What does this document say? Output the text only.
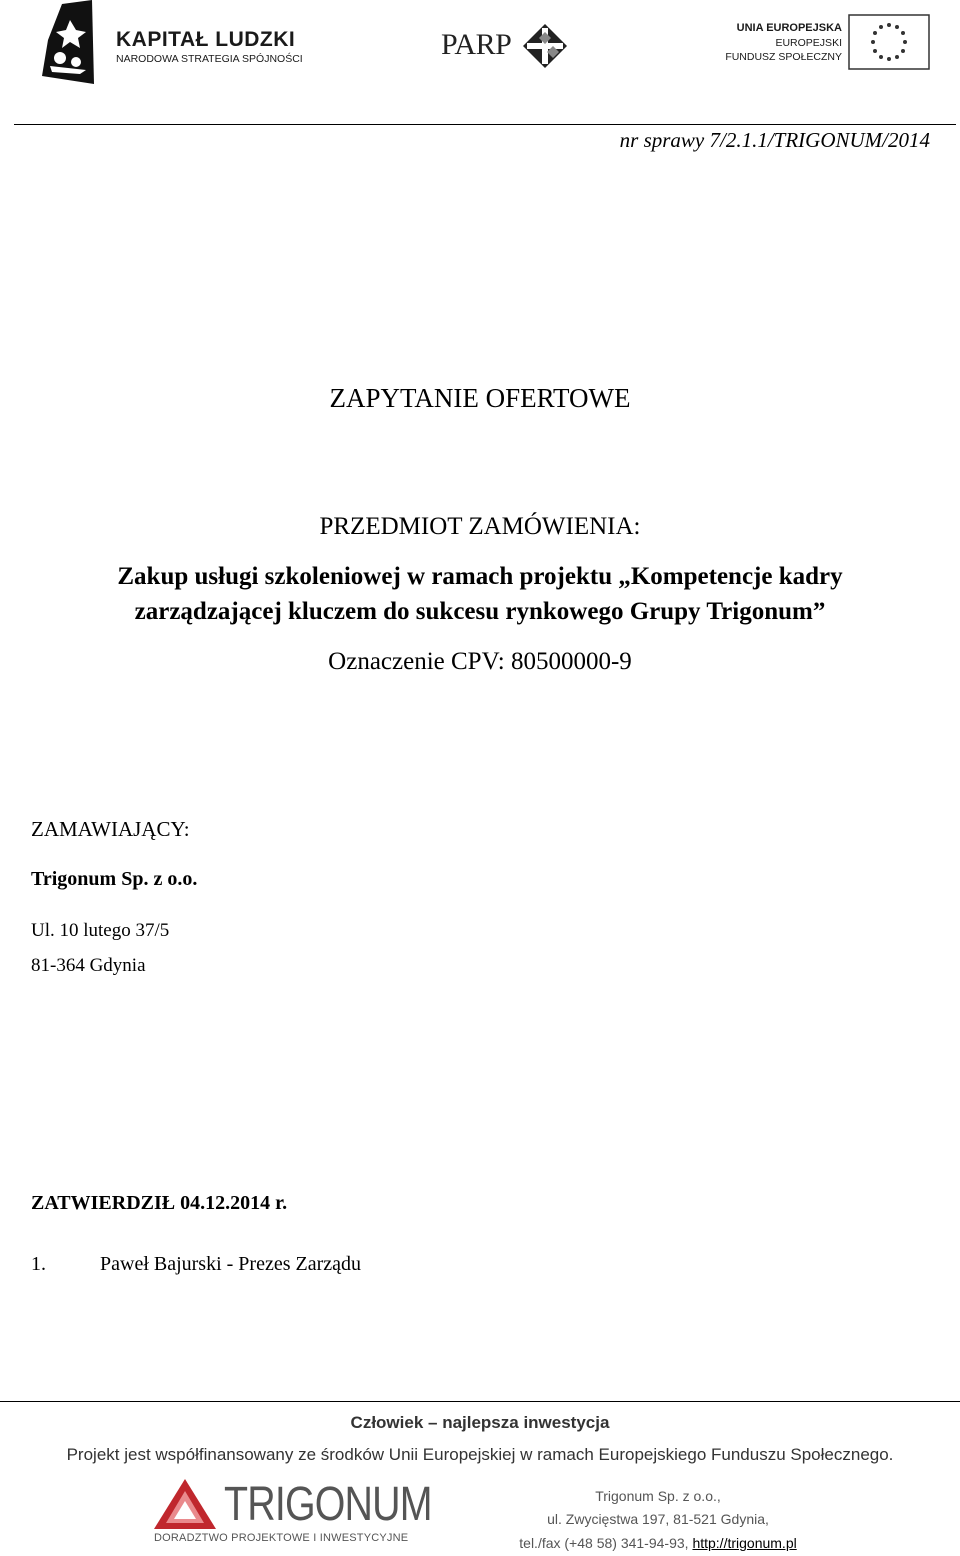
KAPITAŁ LUDZKI
NARODOWA STRATEGIA SPÓJNOŚCI	PARP	UNIA EUROPEJSKA
EUROPEJSKI
FUNDUSZ SPOŁECZNY
nr sprawy 7/2.1.1/TRIGONUM/2014
ZAPYTANIE OFERTOWE
PRZEDMIOT ZAMÓWIENIA:
Zakup usługi szkoleniowej w ramach projektu „Kompetencje kadry
zarządzającej kluczem do sukcesu rynkowego Grupy Trigonum”
Oznaczenie CPV: 80500000-9
ZAMAWIAJĄCY:
Trigonum Sp. z o.o.
Ul. 10 lutego 37/5
81-364 Gdynia
ZATWIERDZIŁ 04.12.2014 r.
1.	Paweł Bajurski - Prezes Zarządu
Człowiek – najlepsza inwestycja
Projekt jest współfinansowany ze środków Unii Europejskiej w ramach Europejskiego Funduszu Społecznego.
TRIGONUM
DORADZTWO PROJEKTOWE I INWESTYCYJNE
Trigonum Sp. z o.o.,
ul. Zwycięstwa 197, 81-521 Gdynia,
tel./fax (+48 58) 341-94-93, http://trigonum.pl
